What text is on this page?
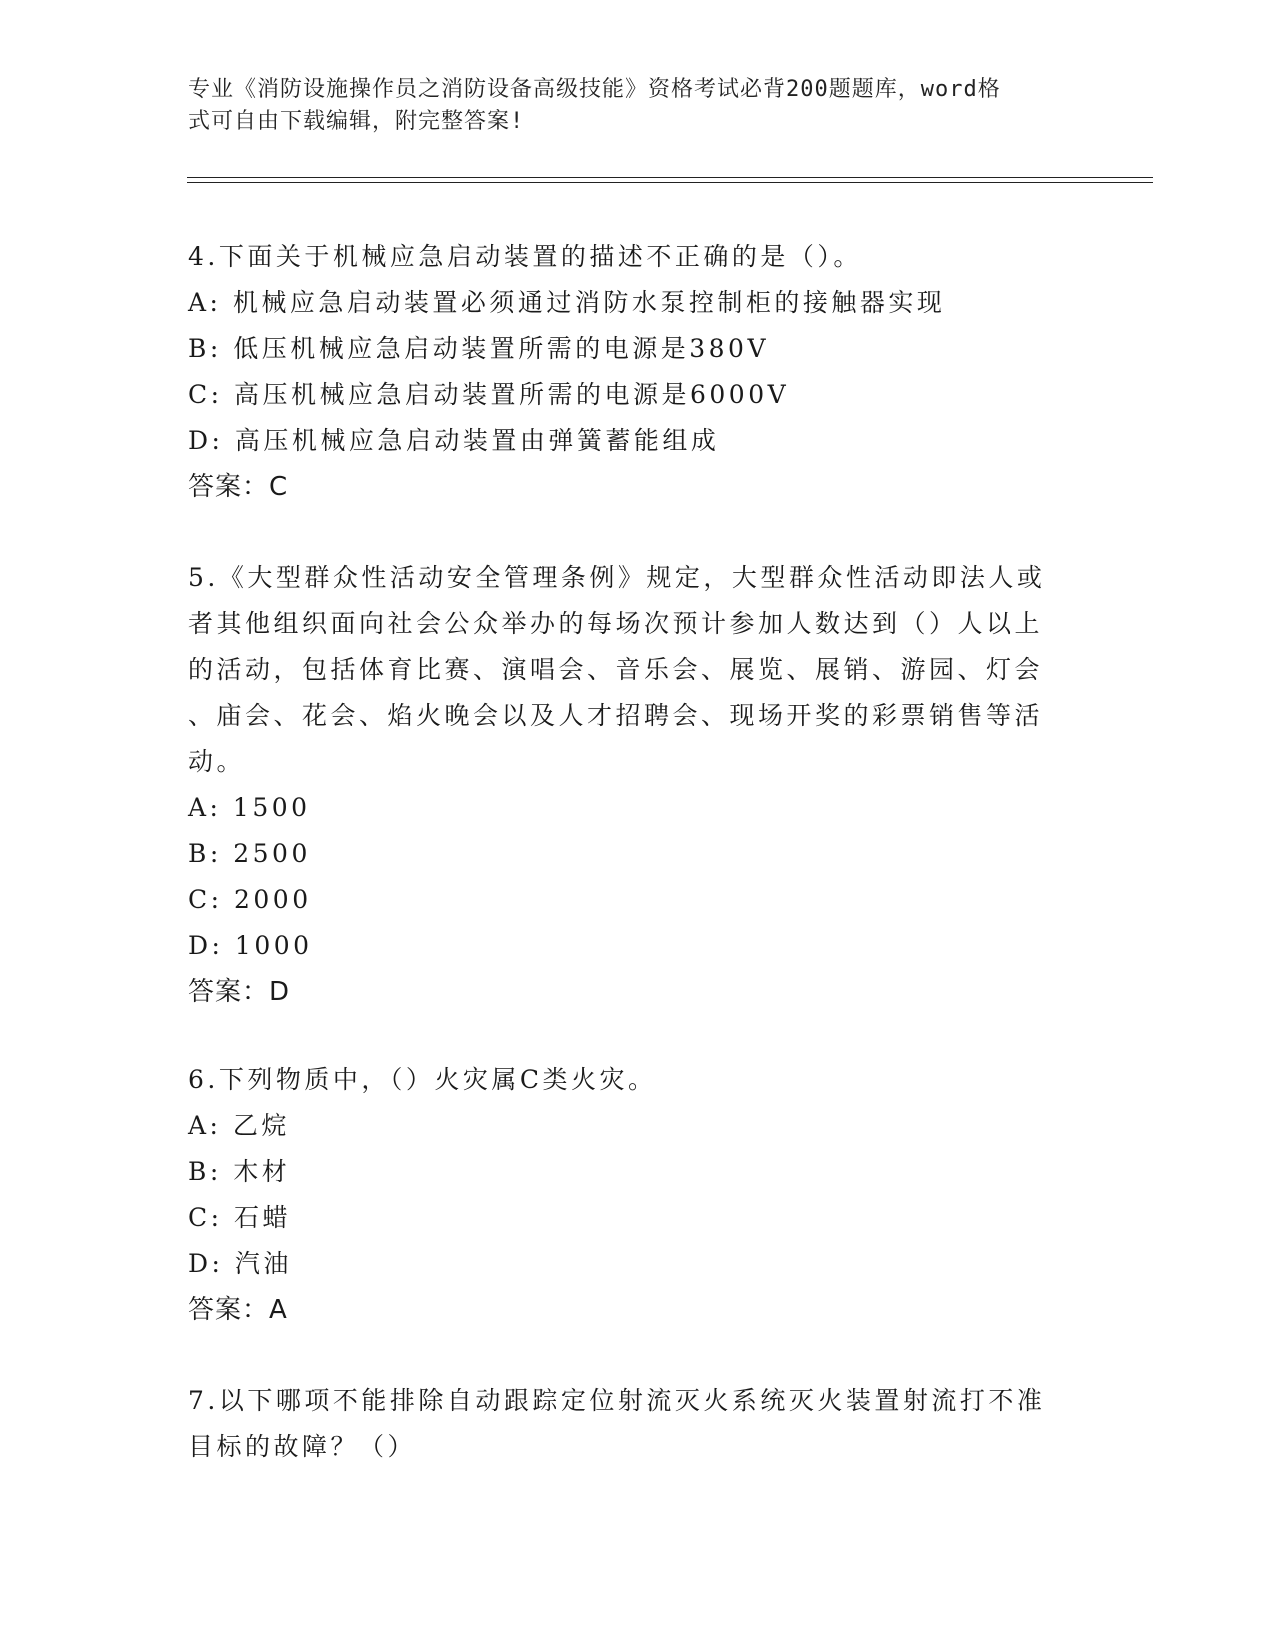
专业《消防设施操作员之消防设备高级技能》资格考试必背200题题库，word格
式可自由下载编辑，附完整答案!

4.下面关于机械应急启动装置的描述不正确的是（）。

A: 机械应急启动装置必须通过消防水泵控制柜的接触器实现

B: 低压机械应急启动装置所需的电源是380V

C: 高压机械应急启动装置所需的电源是6000V

D: 高压机械应急启动装置由弹簧蓄能组成

答案：C

5.《大型群众性活动安全管理条例》规定，大型群众性活动即法人或

者其他组织面向社会公众举办的每场次预计参加人数达到（）人以上

的活动，包括体育比赛、演唱会、音乐会、展览、展销、游园、灯会

、庙会、花会、焰火晚会以及人才招聘会、现场开奖的彩票销售等活

动。

A: 1500

B: 2500

C: 2000

D: 1000

答案：D

6.下列物质中，（）火灾属C类火灾。

A: 乙烷

B: 木材

C: 石蜡

D: 汽油

答案：A

7.以下哪项不能排除自动跟踪定位射流灭火系统灭火装置射流打不准

目标的故障？（）
